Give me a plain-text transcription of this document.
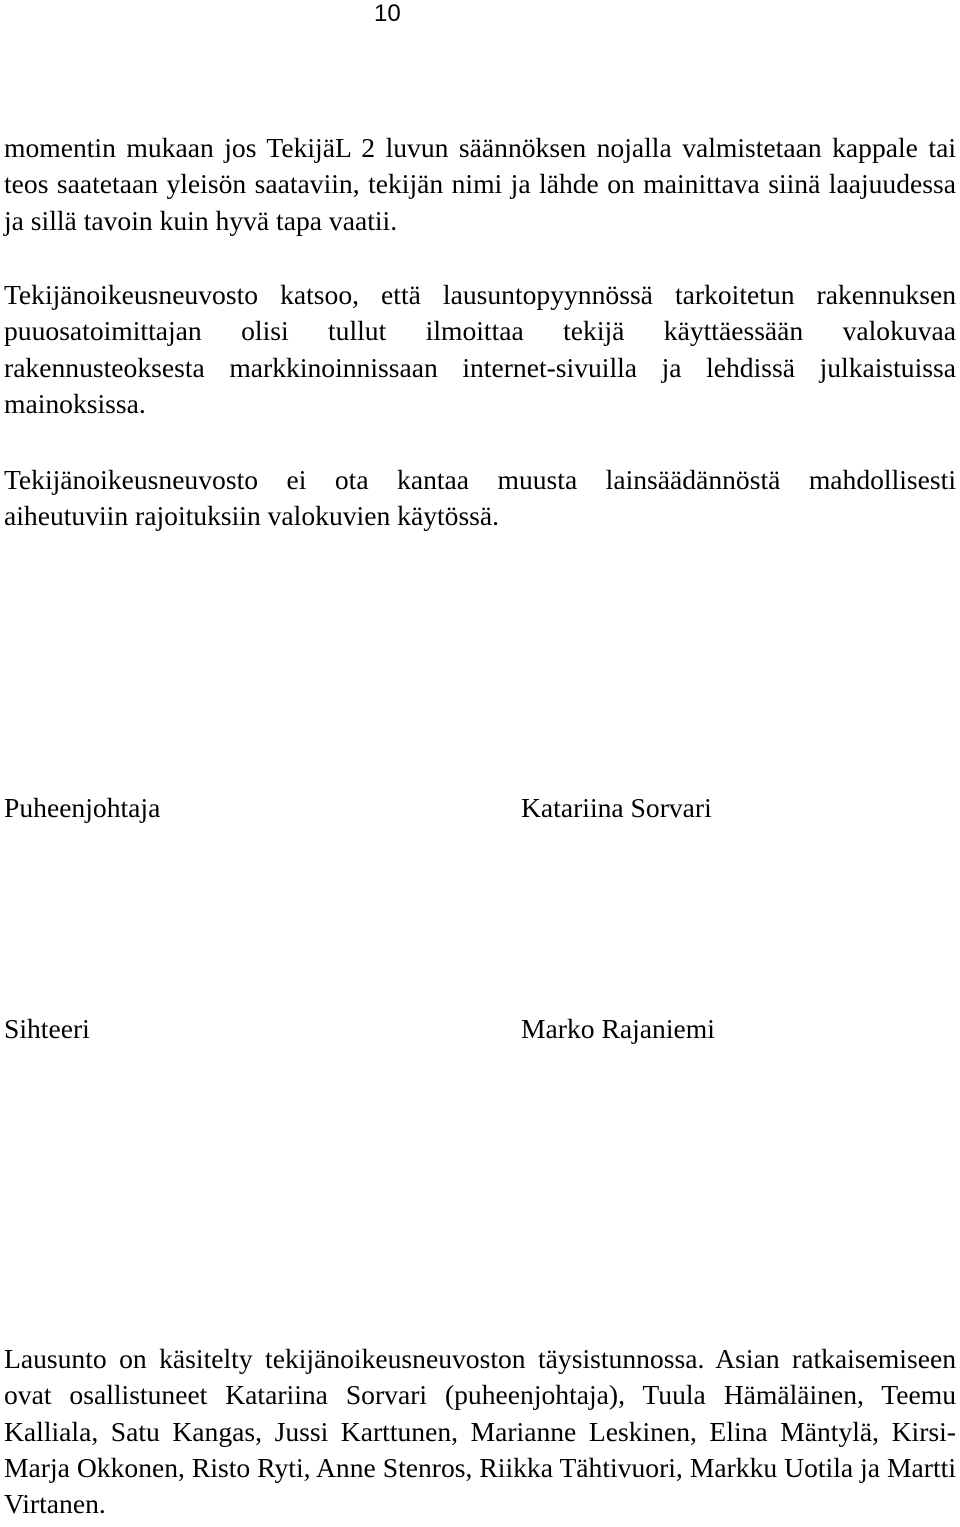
10

momentin mukaan jos TekijäL 2 luvun säännöksen nojalla valmistetaan kappale tai teos saatetaan yleisön saataviin, tekijän nimi ja lähde on mainittava siinä laajuudessa ja sillä tavoin kuin hyvä tapa vaatii.

Tekijänoikeusneuvosto katsoo, että lausuntopyynnössä tarkoitetun rakennuksen puuosatoimittajan olisi tullut ilmoittaa tekijä käyttäessään valokuvaa rakennusteoksesta markkinoinnissaan internet-sivuilla ja lehdissä julkaistuissa mainoksissa.

Tekijänoikeusneuvosto ei ota kantaa muusta lainsäädännöstä mahdollisesti aiheutuviin rajoituksiin valokuvien käytössä.

Puheenjohtaja	Katariina Sorvari
Sihteeri	Marko Rajaniemi

Lausunto on käsitelty tekijänoikeusneuvoston täysistunnossa. Asian ratkaisemiseen ovat osallistuneet Katariina Sorvari (puheenjohtaja), Tuula Hämäläinen, Teemu Kalliala, Satu Kangas, Jussi Karttunen, Marianne Leskinen, Elina Mäntylä, Kirsi-Marja Okkonen, Risto Ryti, Anne Stenros, Riikka Tähtivuori, Markku Uotila ja Martti Virtanen.
